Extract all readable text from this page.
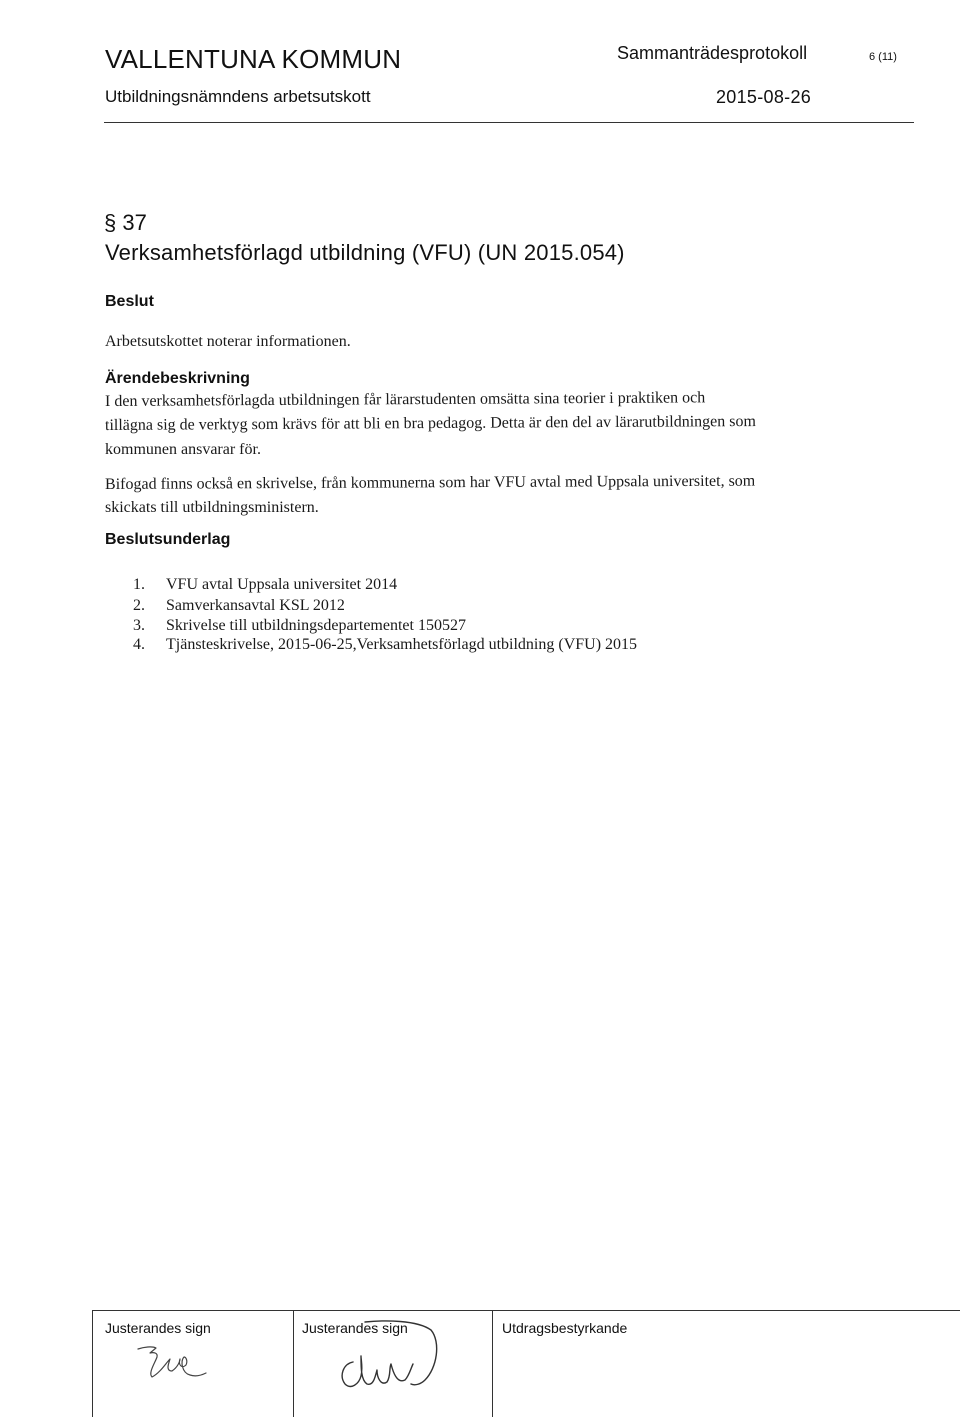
VALLENTUNA KOMMUN
Utbildningsnämndens arbetsutskott
Sammanträdesprotokoll	6 (11)
2015-08-26
§ 37
Verksamhetsförlagd utbildning (VFU) (UN 2015.054)
Beslut
Arbetsutskottet noterar informationen.
Ärendebeskrivning
I den verksamhetsförlagda utbildningen får lärarstudenten omsätta sina teorier i praktiken och
tillägna sig de verktyg som krävs för att bli en bra pedagog. Detta är den del av lärarutbildningen som
kommunen ansvarar för.
Bifogad finns också en skrivelse, från kommunerna som har VFU avtal med Uppsala universitet, som
skickats till utbildningsministern.
Beslutsunderlag
1. VFU avtal Uppsala universitet 2014
2. Samverkansavtal KSL 2012
3. Skrivelse till utbildningsdepartementet 150527
4. Tjänsteskrivelse, 2015-06-25,Verksamhetsförlagd utbildning (VFU) 2015
Justerandes sign	Justerandes sign	Utdragsbestyrkande
